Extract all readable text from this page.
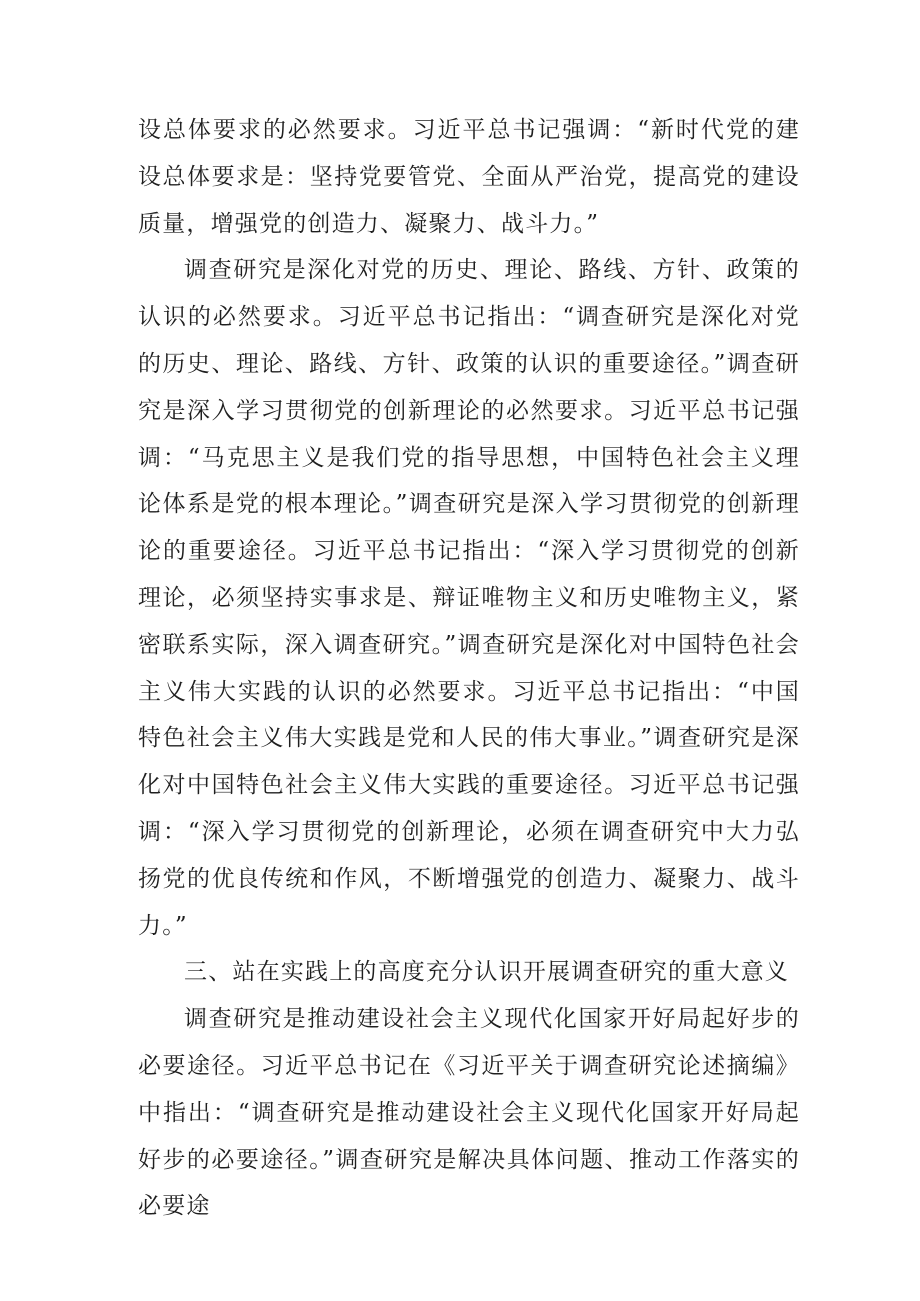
设总体要求的必然要求。习近平总书记强调：“新时代党的建设总体要求是：坚持党要管党、全面从严治党，提高党的建设质量，增强党的创造力、凝聚力、战斗力。”

调查研究是深化对党的历史、理论、路线、方针、政策的认识的必然要求。习近平总书记指出：“调查研究是深化对党的历史、理论、路线、方针、政策的认识的重要途径。”调查研究是深入学习贯彻党的创新理论的必然要求。习近平总书记强调：“马克思主义是我们党的指导思想，中国特色社会主义理论体系是党的根本理论。”调查研究是深入学习贯彻党的创新理论的重要途径。习近平总书记指出：“深入学习贯彻党的创新理论，必须坚持实事求是、辩证唯物主义和历史唯物主义，紧密联系实际，深入调查研究。”调查研究是深化对中国特色社会主义伟大实践的认识的必然要求。习近平总书记指出：“中国特色社会主义伟大实践是党和人民的伟大事业。”调查研究是深化对中国特色社会主义伟大实践的重要途径。习近平总书记强调：“深入学习贯彻党的创新理论，必须在调查研究中大力弘扬党的优良传统和作风，不断增强党的创造力、凝聚力、战斗力。”

三、站在实践上的高度充分认识开展调查研究的重大意义

调查研究是推动建设社会主义现代化国家开好局起好步的必要途径。习近平总书记在《习近平关于调查研究论述摘编》中指出：“调查研究是推动建设社会主义现代化国家开好局起好步的必要途径。”调查研究是解决具体问题、推动工作落实的必要途
